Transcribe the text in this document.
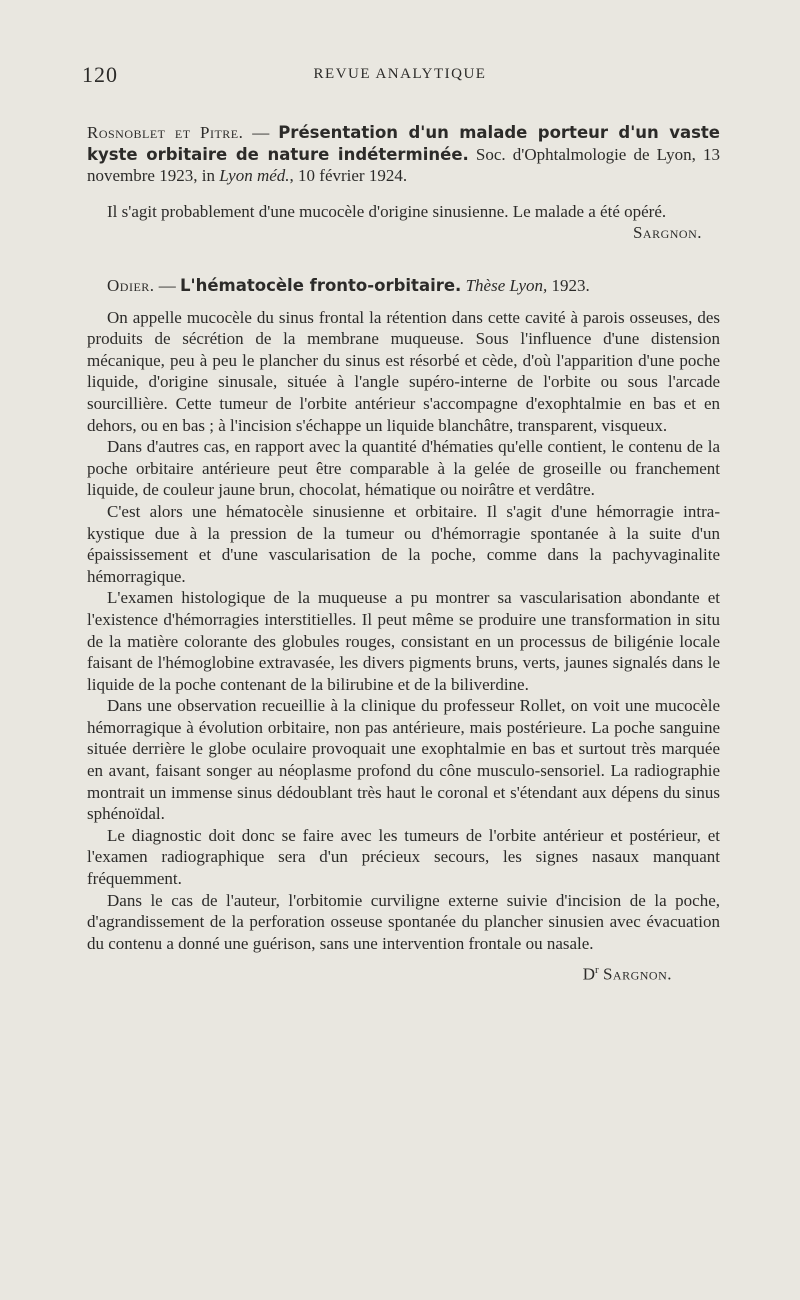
120	REVUE ANALYTIQUE

Rosnoblet et Pitre. — Présentation d'un malade porteur d'un vaste kyste orbitaire de nature indéterminée. Soc. d'Ophtalmologie de Lyon, 13 novembre 1923, in Lyon méd., 10 février 1924.

Il s'agit probablement d'une mucocèle d'origine sinusienne. Le malade a été opéré.

Sargnon.

Odier. — L'hématocèle fronto-orbitaire. Thèse Lyon, 1923.

On appelle mucocèle du sinus frontal la rétention dans cette cavité à parois osseuses, des produits de sécrétion de la membrane muqueuse. Sous l'influence d'une distension mécanique, peu à peu le plancher du sinus est résorbé et cède, d'où l'apparition d'une poche liquide, d'origine sinusale, située à l'angle supéro-interne de l'orbite ou sous l'arcade sourcillière. Cette tumeur de l'orbite antérieur s'accompagne d'exophtalmie en bas et en dehors, ou en bas ; à l'incision s'échappe un liquide blanchâtre, transparent, visqueux.

Dans d'autres cas, en rapport avec la quantité d'hématies qu'elle contient, le contenu de la poche orbitaire antérieure peut être comparable à la gelée de groseille ou franchement liquide, de couleur jaune brun, chocolat, hématique ou noirâtre et verdâtre.

C'est alors une hématocèle sinusienne et orbitaire. Il s'agit d'une hémorragie intra-kystique due à la pression de la tumeur ou d'hémorragie spontanée à la suite d'un épaississement et d'une vascularisation de la poche, comme dans la pachyvaginalite hémorragique.

L'examen histologique de la muqueuse a pu montrer sa vascularisation abondante et l'existence d'hémorragies interstitielles. Il peut même se produire une transformation in situ de la matière colorante des globules rouges, consistant en un processus de biligénie locale faisant de l'hémoglobine extravasée, les divers pigments bruns, verts, jaunes signalés dans le liquide de la poche contenant de la bilirubine et de la biliverdine.

Dans une observation recueillie à la clinique du professeur Rollet, on voit une mucocèle hémorragique à évolution orbitaire, non pas antérieure, mais postérieure. La poche sanguine située derrière le globe oculaire provoquait une exophtalmie en bas et surtout très marquée en avant, faisant songer au néoplasme profond du cône musculo-sensoriel. La radiographie montrait un immense sinus dédoublant très haut le coronal et s'étendant aux dépens du sinus sphénoïdal.

Le diagnostic doit donc se faire avec les tumeurs de l'orbite antérieur et postérieur, et l'examen radiographique sera d'un précieux secours, les signes nasaux manquant fréquemment.

Dans le cas de l'auteur, l'orbitomie curviligne externe suivie d'incision de la poche, d'agrandissement de la perforation osseuse spontanée du plancher sinusien avec évacuation du contenu a donné une guérison, sans une intervention frontale ou nasale.

$D^r$ Sargnon.
